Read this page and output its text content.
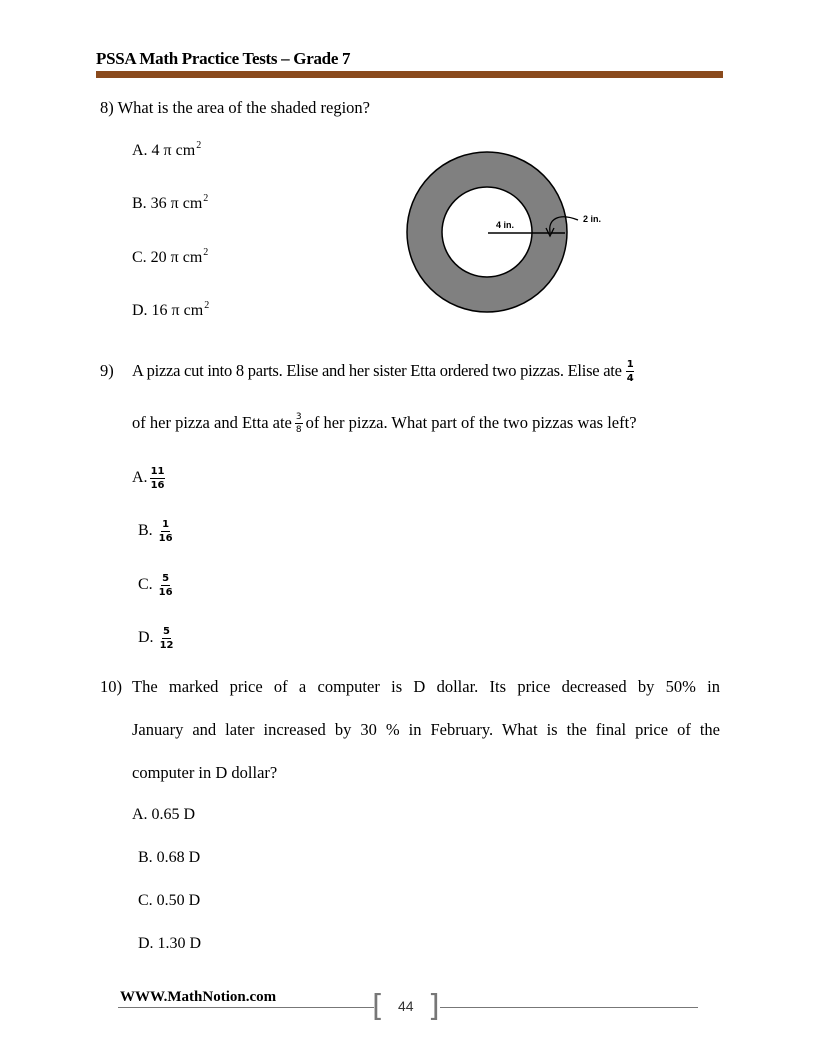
PSSA Math Practice Tests – Grade 7
8) What is the area of the shaded region?
A. 4 π $cm^2$
B. 36 π $cm^2$
C. 20 π $cm^2$
D. 16 π $cm^2$
4 in.
2 in.
9) A pizza cut into 8 parts. Elise and her sister Etta ordered two pizzas. Elise ate $\frac{1}{4}$
of her pizza and Etta ate $\frac{3}{8}$ of her pizza. What part of the two pizzas was left?
A. $\frac{11}{16}$
B. $\frac{1}{16}$
C. $\frac{5}{16}$
D. $\frac{5}{12}$
10) The marked price of a computer is D dollar. Its price decreased by 50% in
January and later increased by 30 % in February. What is the final price of the
computer in D dollar?
A. 0.65 D
B. 0.68 D
C. 0.50 D
D. 1.30 D
WWW.MathNotion.com	[ 44 ]
